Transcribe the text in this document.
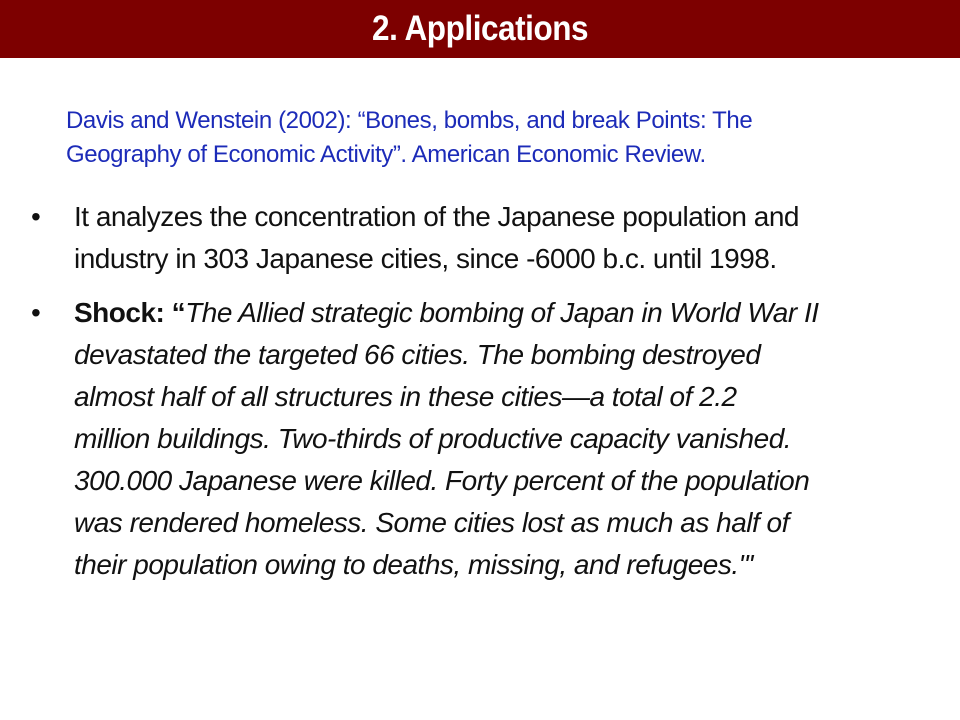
2. Applications
Davis and Wenstein (2002): “Bones, bombs, and break Points: The
Geography of Economic Activity”. American Economic Review.
• It analyzes the concentration of the Japanese population and
industry in 303 Japanese cities, since -6000 b.c. until 1998.
• Shock: “The Allied strategic bombing of Japan in World War II
devastated the targeted 66 cities. The bombing destroyed
almost half of all structures in these cities—a total of 2.2
million buildings. Two-thirds of productive capacity vanished.
300.000 Japanese were killed. Forty percent of the population
was rendered homeless. Some cities lost as much as half of
their population owing to deaths, missing, and refugees."'
